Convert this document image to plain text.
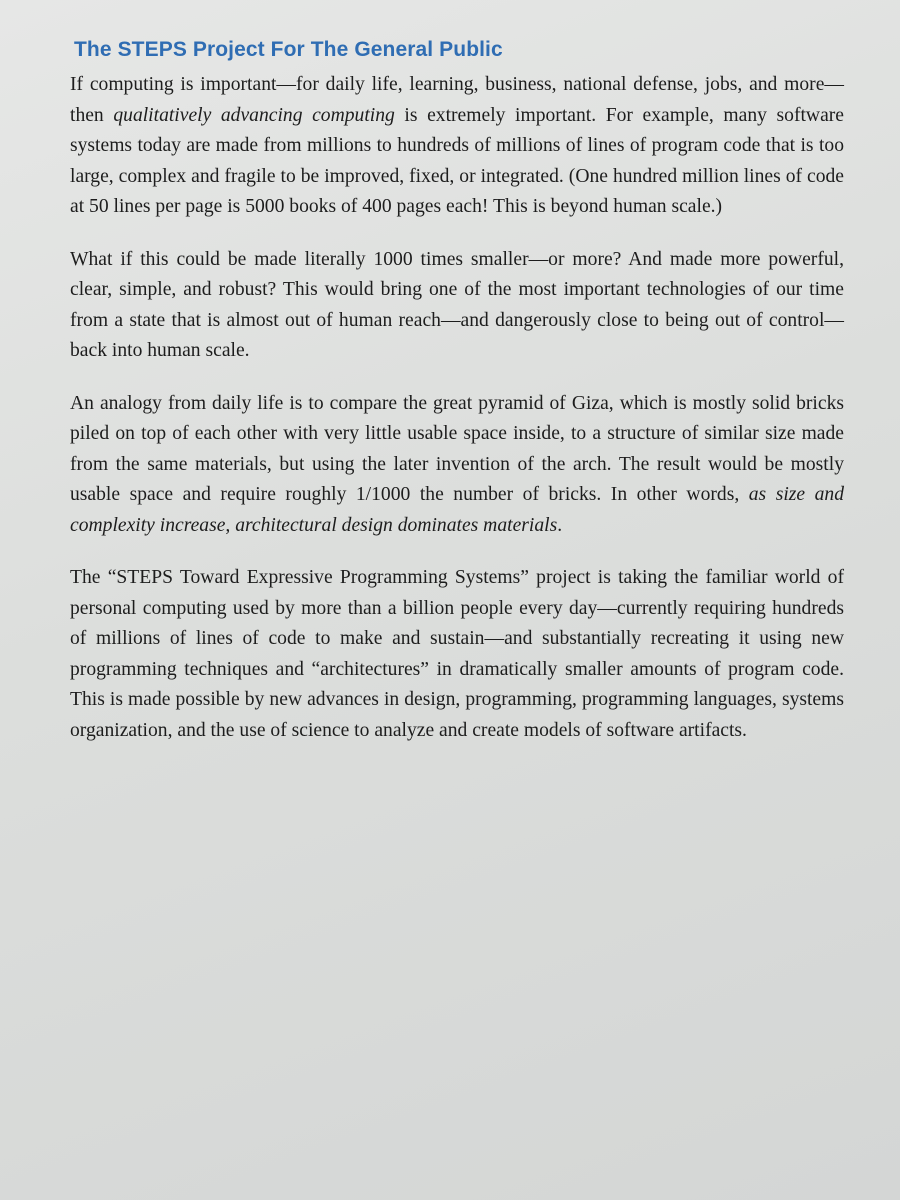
The STEPS Project For The General Public

If computing is important—for daily life, learning, business, national defense, jobs, and more—then qualitatively advancing computing is extremely important. For example, many software systems today are made from millions to hundreds of millions of lines of program code that is too large, complex and fragile to be improved, fixed, or integrated. (One hundred million lines of code at 50 lines per page is 5000 books of 400 pages each! This is beyond human scale.)

What if this could be made literally 1000 times smaller—or more? And made more powerful, clear, simple, and robust? This would bring one of the most important technologies of our time from a state that is almost out of human reach—and dangerously close to being out of control—back into human scale.

An analogy from daily life is to compare the great pyramid of Giza, which is mostly solid bricks piled on top of each other with very little usable space inside, to a structure of similar size made from the same materials, but using the later invention of the arch. The result would be mostly usable space and require roughly 1/1000 the number of bricks. In other words, as size and complexity increase, architectural design dominates materials.

The “STEPS Toward Expressive Programming Systems” project is taking the familiar world of personal computing used by more than a billion people every day—currently requiring hundreds of millions of lines of code to make and sustain—and substantially recreating it using new programming techniques and “architectures” in dramatically smaller amounts of program code. This is made possible by new advances in design, programming, programming languages, systems organization, and the use of science to analyze and create models of software artifacts.
